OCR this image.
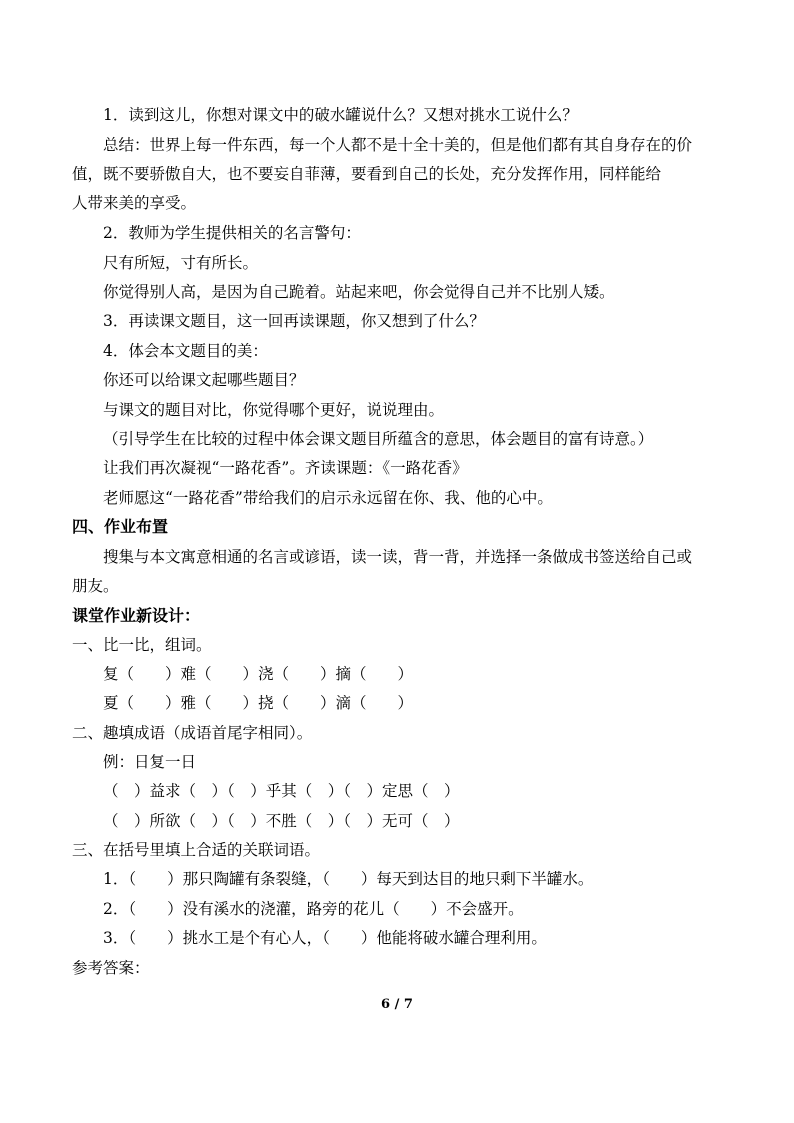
1．读到这儿，你想对课文中的破水罐说什么？又想对挑水工说什么？
总结：世界上每一件东西，每一个人都不是十全十美的，但是他们都有其自身存在的价
值，既不要骄傲自大，也不要妄自菲薄，要看到自己的长处，充分发挥作用，同样能给
人带来美的享受。
2．教师为学生提供相关的名言警句：
尺有所短，寸有所长。
你觉得别人高，是因为自己跪着。站起来吧，你会觉得自己并不比别人矮。
3．再读课文题目，这一回再读课题，你又想到了什么？
4．体会本文题目的美：
你还可以给课文起哪些题目？
与课文的题目对比，你觉得哪个更好，说说理由。
（引导学生在比较的过程中体会课文题目所蕴含的意思，体会题目的富有诗意。）
让我们再次凝视“一路花香”。齐读课题：《一路花香》
老师愿这“一路花香”带给我们的启示永远留在你、我、他的心中。
四、作业布置
搜集与本文寓意相通的名言或谚语，读一读，背一背，并选择一条做成书签送给自己或
朋友。
课堂作业新设计：
一、比一比，组词。
复（　　）难（　　）浇（　　）摘（　　）
夏（　　）雅（　　）挠（　　）滴（　　）
二、趣填成语（成语首尾字相同）。
例：日复一日
（　）益求（　）（　）乎其（　）（　）定思（　）
（　）所欲（　）（　）不胜（　）（　）无可（　）
三、在括号里填上合适的关联词语。
1．（　　）那只陶罐有条裂缝，（　　）每天到达目的地只剩下半罐水。
2．（　　）没有溪水的浇灌，路旁的花儿（　　）不会盛开。
3．（　　）挑水工是个有心人，（　　）他能将破水罐合理利用。
参考答案：
6 / 7
